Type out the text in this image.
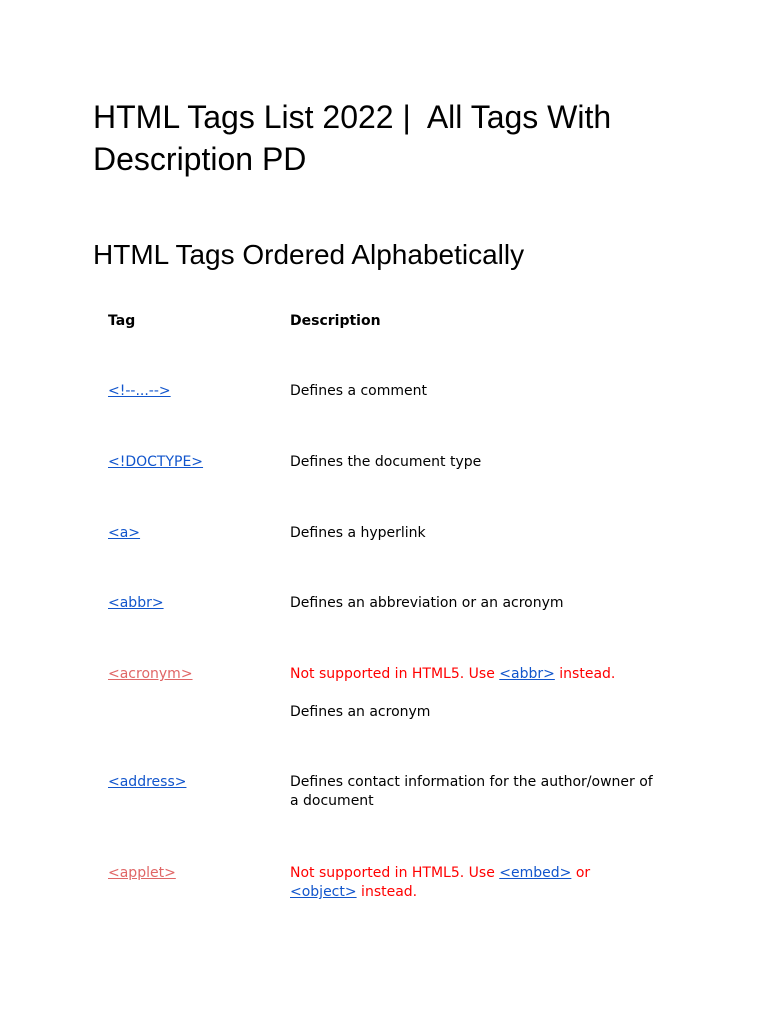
HTML Tags List 2022 |  All Tags With Description PD
HTML Tags Ordered Alphabetically
Tag	Description
<!--...-->	Defines a comment
<!DOCTYPE>	Defines the document type
<a>	Defines a hyperlink
<abbr>	Defines an abbreviation or an acronym
<acronym>	Not supported in HTML5. Use <abbr> instead.
Defines an acronym
<address>	Defines contact information for the author/owner of a document
<applet>	Not supported in HTML5. Use <embed> or <object> instead.
